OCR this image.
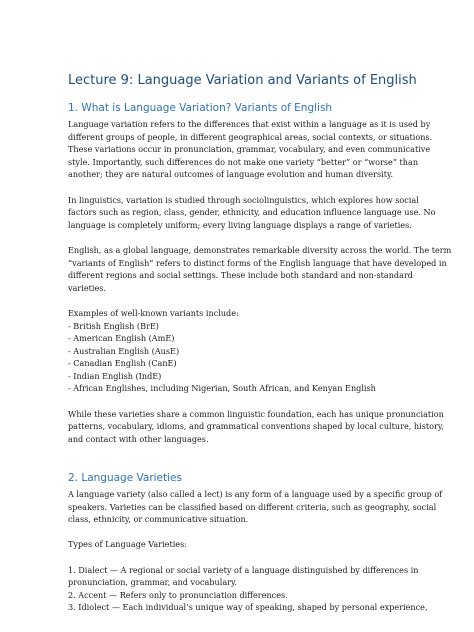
Lecture 9: Language Variation and Variants of English
1. What is Language Variation? Variants of English

Language variation refers to the differences that exist within a language as it is used by
different groups of people, in different geographical areas, social contexts, or situations.
These variations occur in pronunciation, grammar, vocabulary, and even communicative
style. Importantly, such differences do not make one variety “better” or “worse” than
another; they are natural outcomes of language evolution and human diversity.

In linguistics, variation is studied through sociolinguistics, which explores how social
factors such as region, class, gender, ethnicity, and education influence language use. No
language is completely uniform; every living language displays a range of varieties.

English, as a global language, demonstrates remarkable diversity across the world. The term
“variants of English” refers to distinct forms of the English language that have developed in
different regions and social settings. These include both standard and non-standard
varieties.

Examples of well-known variants include:

- British English (BrE)

- American English (AmE)

- Australian English (AusE)

- Canadian English (CanE)

- Indian English (IndE)

- African Englishes, including Nigerian, South African, and Kenyan English

While these varieties share a common linguistic foundation, each has unique pronunciation
patterns, vocabulary, idioms, and grammatical conventions shaped by local culture, history,
and contact with other languages.

2. Language Varieties

A language variety (also called a lect) is any form of a language used by a specific group of
speakers. Varieties can be classified based on different criteria, such as geography, social
class, ethnicity, or communicative situation.

Types of Language Varieties:

1. Dialect — A regional or social variety of a language distinguished by differences in

pronunciation, grammar, and vocabulary.

2. Accent — Refers only to pronunciation differences.

3. Idiolect — Each individual’s unique way of speaking, shaped by personal experience,
